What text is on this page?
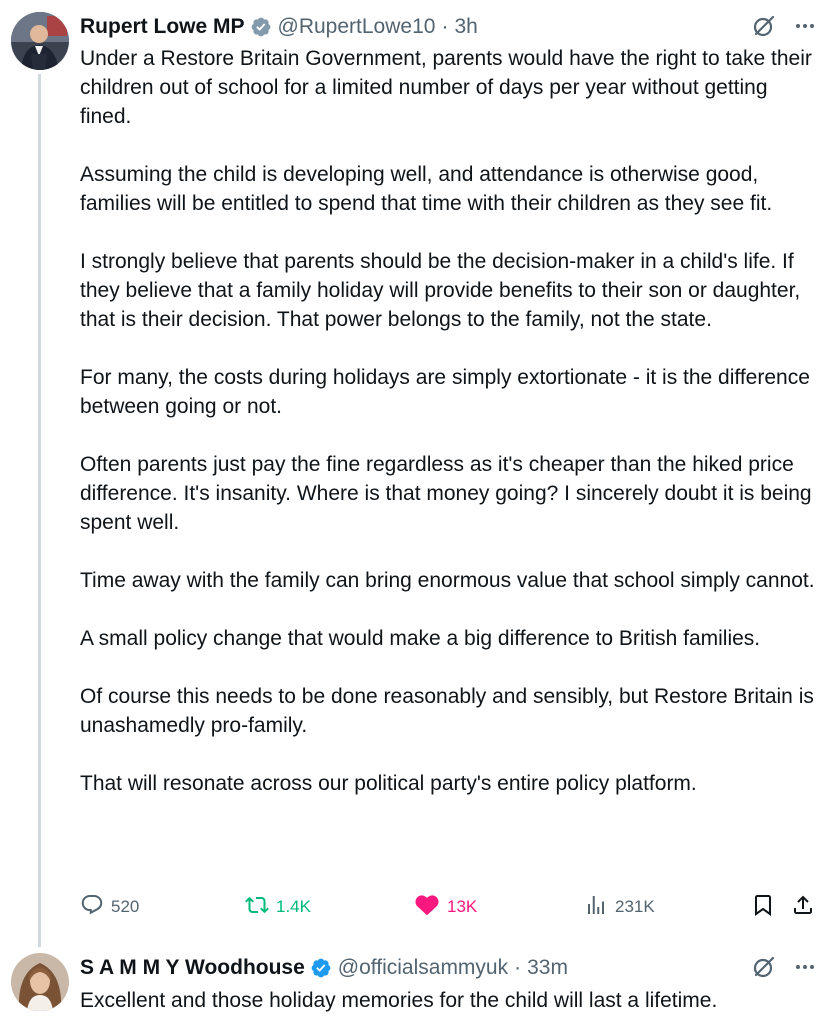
Rupert Lowe MP @RupertLowe10 · 3h

Under a Restore Britain Government, parents would have the right to take their children out of school for a limited number of days per year without getting fined.

Assuming the child is developing well, and attendance is otherwise good, families will be entitled to spend that time with their children as they see fit.

I strongly believe that parents should be the decision-maker in a child's life. If they believe that a family holiday will provide benefits to their son or daughter, that is their decision. That power belongs to the family, not the state.

For many, the costs during holidays are simply extortionate - it is the difference between going or not.

Often parents just pay the fine regardless as it's cheaper than the hiked price difference. It's insanity. Where is that money going? I sincerely doubt it is being spent well.

Time away with the family can bring enormous value that school simply cannot.

A small policy change that would make a big difference to British families.

Of course this needs to be done reasonably and sensibly, but Restore Britain is unashamedly pro-family.

That will resonate across our political party's entire policy platform.

520	1.4K	13K	231K
S A M M Y Woodhouse @officialsammyuk · 33m
Excellent and those holiday memories for the child will last a lifetime.
